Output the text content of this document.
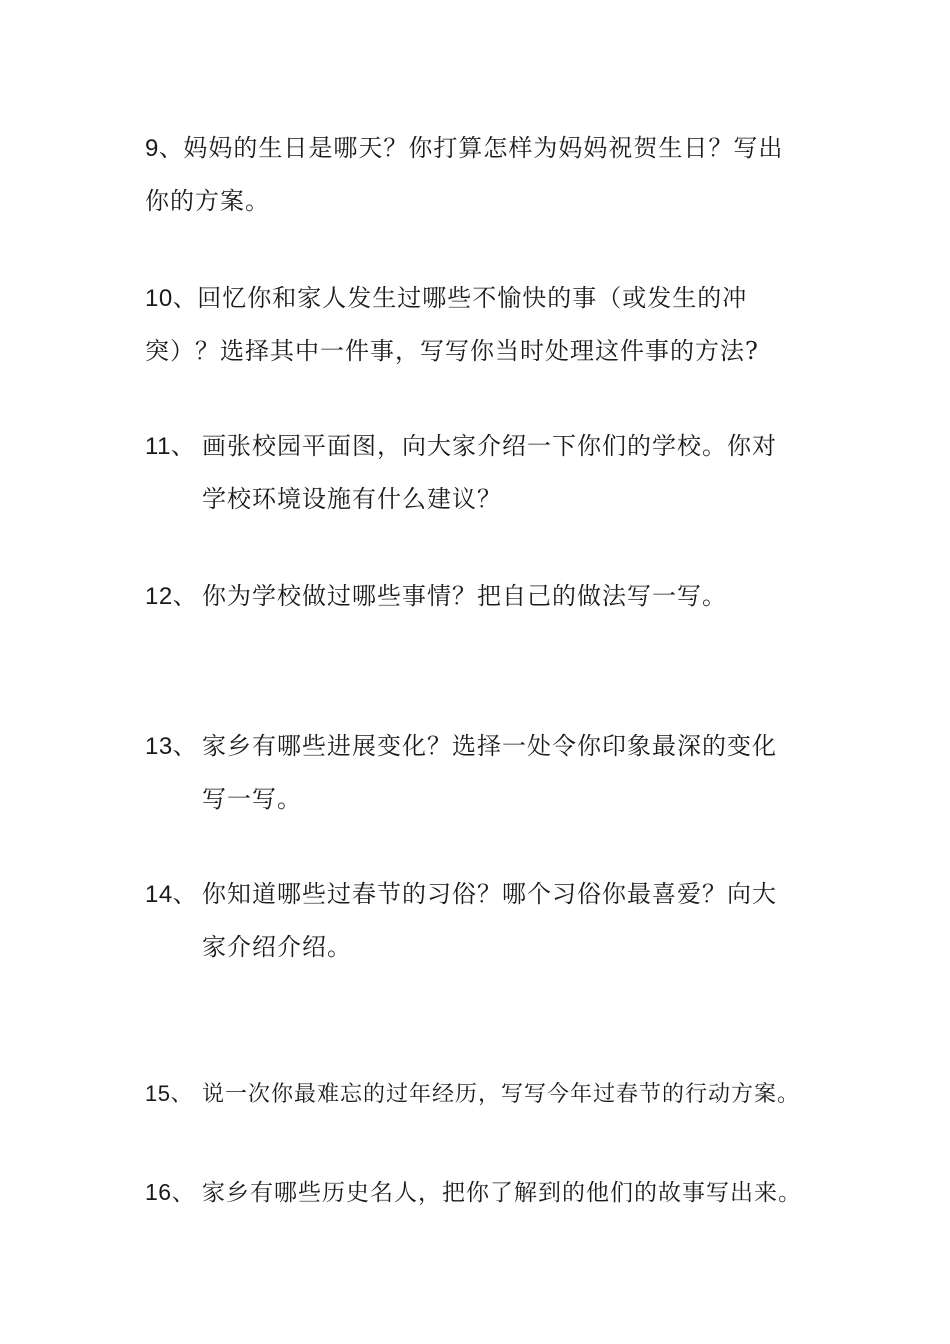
9、妈妈的生日是哪天？你打算怎样为妈妈祝贺生日？写出
你的方案。
10、回忆你和家人发生过哪些不愉快的事（或发生的冲
突）？选择其中一件事，写写你当时处理这件事的方法?
11、 画张校园平面图，向大家介绍一下你们的学校。你对
学校环境设施有什么建议？
12、 你为学校做过哪些事情？把自己的做法写一写。
13、 家乡有哪些进展变化？选择一处令你印象最深的变化
写一写。
14、 你知道哪些过春节的习俗？哪个习俗你最喜爱？向大
家介绍介绍。
15、 说一次你最难忘的过年经历，写写今年过春节的行动方案。
16、 家乡有哪些历史名人，把你了解到的他们的故事写出来。
